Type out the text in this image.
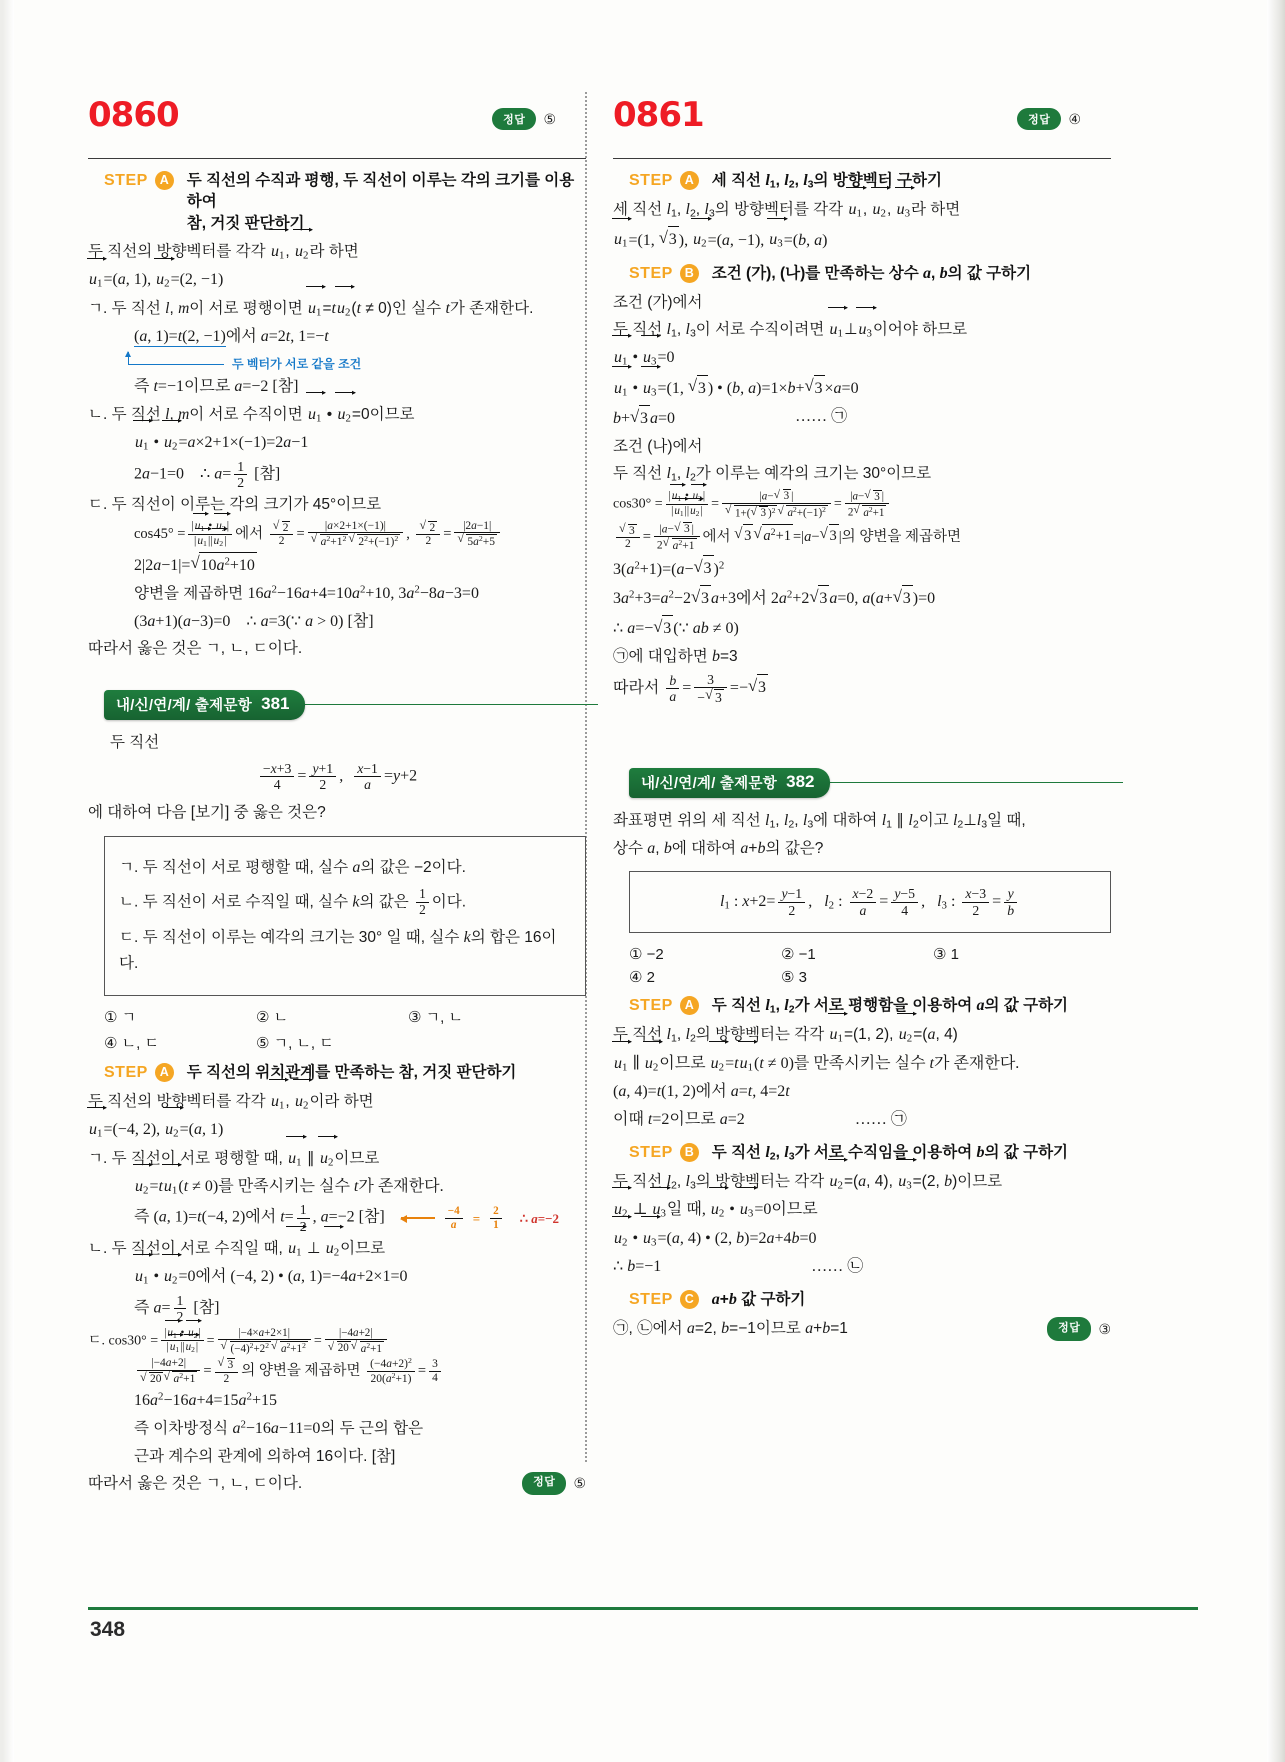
0860	정답	⑤
STEP A	두 직선의 수직과 평행, 두 직선이 이루는 각의 크기를 이용하여
참, 거짓 판단하기
두 직선의 방향벡터를 각각 $u_1$, $u_2$라 하면
$u_1=(a$, 1), $u_2=(2$, −1)
ㄱ. 두 직선 l, m이 서로 평행이면 $u_1=tu_2(t \ne 0)$인 실수 t가 존재한다.
(a, 1)=t(2, −1)에서 a=2t, 1=−t
두 벡터가 서로 같을 조건
즉 t=−1이므로 a=−2 [참]
ㄴ. 두 직선 l, m이 서로 수직이면 $u_1$ • $u_2=0$이므로
$u_1$ • $u_2=a\times 2+1\times(-1)=2a-1$
2a−1=0    ∴ $a= \frac{1}{2}$ [참]
ㄷ. 두 직선이 이루는 각의 크기가 45°이므로
$\cos 45^\circ = \frac{|u_1 • u_2|}{|u_1||u_2|}$ 에서 √ $\frac{2}{2} = |a\times 2+1\times(-1)|$
√ $a^2+1^2$ √ $2^2+(-1)^2$ , √ $\frac{2}{2} = |2a-1|$
√ $5a^2+5$
2|2a−1|= √ $10a^2+10$
양변을 제곱하면 $16a^2-16a+4=10a^2+10$, $3a^2-8a-3=0$
(3a+1)(a−3)=0    ∴ a=3(∵ a > 0) [참]
따라서 옳은 것은 ㄱ, ㄴ, ㄷ이다.
내/신/연/계/ 출제문항 381
두 직선
$\frac{-x+3}{4} = \frac{y+1}{2}$ , $\frac{x-1}{a} =y+2$
에 대하여 다음 [보기] 중 옳은 것은?
ㄱ. 두 직선이 서로 평행할 때, 실수 a의 값은 −2이다.
ㄴ. 두 직선이 서로 수직일 때, 실수 k의 값은 $\frac{1}{2}$ 이다.
ㄷ. 두 직선이 이루는 예각의 크기는 30° 일 때, 실수 k의 합은 16이다.
① ㄱ	② ㄴ	③ ㄱ, ㄴ
④ ㄴ, ㄷ	⑤ ㄱ, ㄴ, ㄷ
STEP A	두 직선의 위치관계를 만족하는 참, 거짓 판단하기
두 직선의 방향벡터를 각각 $u_1$, $u_2$이라 하면
$u_1=(-4$, 2), $u_2=(a$, 1)
ㄱ. 두 직선이 서로 평행할 때, $u_1$ ∥ $u_2$이므로
$u_2=tu_1(t \ne 0)$를 만족시키는 실수 t가 존재한다.
즉 (a, 1)=t(−4, 2)에서 $t= \frac{1}{2}$ , a=−2 [참]	−4
a	= 2
1 ∴ a=−2
ㄴ. 두 직선이 서로 수직일 때, $u_1$ ⊥ $u_2$이므로
$u_1$ • $u_2=0$에서 (−4, 2) • (a, 1)=−4a+2×1=0
즉 $a= \frac{1}{2}$ [참]
ㄷ. $\cos 30^\circ = \frac{|u_1 • u_2|}{|u_1||u_2|} = |-4\times a+2\times 1|$
√ $(-4)^2+2^2$ √ $a^2+1^2 = |-4a+2|$
√ 20 √ $a^2+1$
|−4a+2|
√ 20 √ $a^2+1$ = √ $\frac{3}{2}$ 의 양변을 제곱하면 $\frac{(-4a+2)^2}{20(a^2+1)} = \frac{3}{4}$
$16a^2-16a+4=15a^2+15$
즉 이차방정식 $a^2-16a-11=0$의 두 근의 합은
근과 계수의 관계에 의하여 16이다. [참]
따라서 옳은 것은 ㄱ, ㄴ, ㄷ이다.	정답	⑤
0861	정답	④
STEP A	세 직선 $l_1$, $l_2$, $l_3$의 방향벡터 구하기
세 직선 $l_1$, $l_2$, $l_3$의 방향벡터를 각각 $u_1$, $u_2$, $u_3$라 하면
$u_1=(1$, √ 3 ), $u_2=(a$, −1), $u_3=(b$, a)
STEP B	조건 (가), (나)를 만족하는 상수 a, b의 값 구하기
조건 (가)에서
두 직선 $l_1$, $l_3$이 서로 수직이려면 $u_1\perp u_3$이어야 하므로
$u_1$ • $u_3=0$
$u_1$ • $u_3=(1$, √ 3 ) • (b, a)=1×b+ √ 3 ×a=0
b+ √ 3 a=0	…… ㉠
조건 (나)에서
두 직선 $l_1$, $l_2$가 이루는 예각의 크기는 30°이므로
$\cos 30^\circ = \frac{|u_1 • u_2|}{|u_1||u_2|} = |a-$ √ 3 |
√ 1+( √ 3 )$^2$ √ $a^2+(-1)^2 = \frac{|a- √ 3 |}{2 √ a^2+1}$
√ $\frac{3}{2} = \frac{|a- √ 3 |}{2 √ a^2+1}$ 에서 √ 3 √ $a^2+1 =|a-$ √ 3 |의 양변을 제곱하면
$3(a^2+1)=(a-$ √ 3 )$^2$
$3a^2+3=a^2-2$ √ 3 a+3에서 $2a^2+2$ √ 3 a=0, a(a+ √ 3 )=0
∴ a=− √ 3 (∵ ab ≠ 0)
㉠에 대입하면 b=3
따라서 $\frac{b}{a} = \frac{3}{- √ 3}$ =− √ 3
내/신/연/계/ 출제문항 382
좌표평면 위의 세 직선 $l_1$, $l_2$, $l_3$에 대하여 $l_1$ ∥ $l_2$이고 $l_2\perp l_3$일 때,
상수 a, b에 대하여 a+b의 값은?
$l_1$ : $x+2= \frac{y-1}{2}$ ,   $l_2$ : $\frac{x-2}{a} = \frac{y-5}{4}$ ,   $l_3$ : $\frac{x-3}{2} = \frac{y}{b}$
① −2	② −1	③ 1
④ 2	⑤ 3
STEP A	두 직선 $l_1$, $l_2$가 서로 평행함을 이용하여 a의 값 구하기
두 직선 $l_1$, $l_2$의 방향벡터는 각각 $u_1=(1$, 2), $u_2=(a$, 4)
$u_1$ ∥ $u_2$이므로 $u_2=tu_1(t \ne 0)$를 만족시키는 실수 t가 존재한다.
(a, 4)=t(1, 2)에서 a=t, 4=2t
이때 t=2이므로 a=2	…… ㉠
STEP B	두 직선 $l_2$, $l_3$가 서로 수직임을 이용하여 b의 값 구하기
두 직선 $l_2$, $l_3$의 방향벡터는 각각 $u_2=(a$, 4), $u_3=(2$, b)이므로
$u_2$ ⊥ $u_3$일 때, $u_2$ • $u_3=0$이므로
$u_2$ • $u_3=(a$, 4) • (2, b)=2a+4b=0
∴ b=−1	…… ㉡
STEP C	a+b 값 구하기
㉠, ㉡에서 a=2, b=−1이므로 a+b=1	정답	③
348
